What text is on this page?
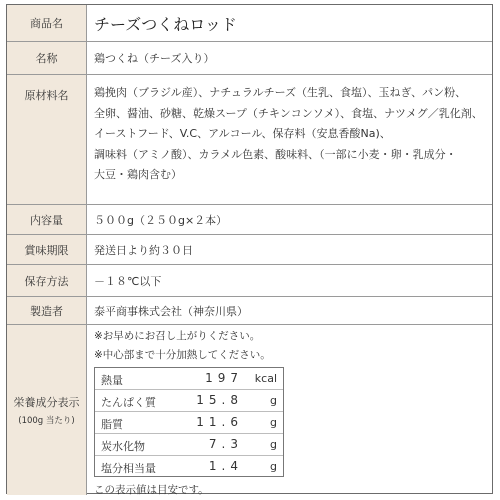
商品名	チーズつくねロッド
名称	鶏つくね（チーズ入り）
原材料名	鶏挽肉（ブラジル産）、ナチュラルチーズ（生乳、食塩）、玉ねぎ、パン粉、
全卵、醤油、砂糖、乾燥スープ（チキンコンソメ）、食塩、ナツメグ／乳化剤、
イーストフード、V.C、アルコール、保存料（安息香酸Na)、
調味料（アミノ酸）、カラメル色素、酸味料、（一部に小麦・卵・乳成分・
大豆・鶏肉含む）
内容量	５００g（２５０g×２本）
賞味期限	発送日より約３０日
保存方法	－１８℃以下
製造者	泰平商事株式会社（神奈川県）
栄養成分表示
(100g 当たり)
※お早めにお召し上がりください。
※中心部まで十分加熱してください。
熱量	197 kcal
たんぱく質	15.8 g
脂質	11.6 g
炭水化物	7.3 g
塩分相当量	1.4 g
この表示値は目安です。
